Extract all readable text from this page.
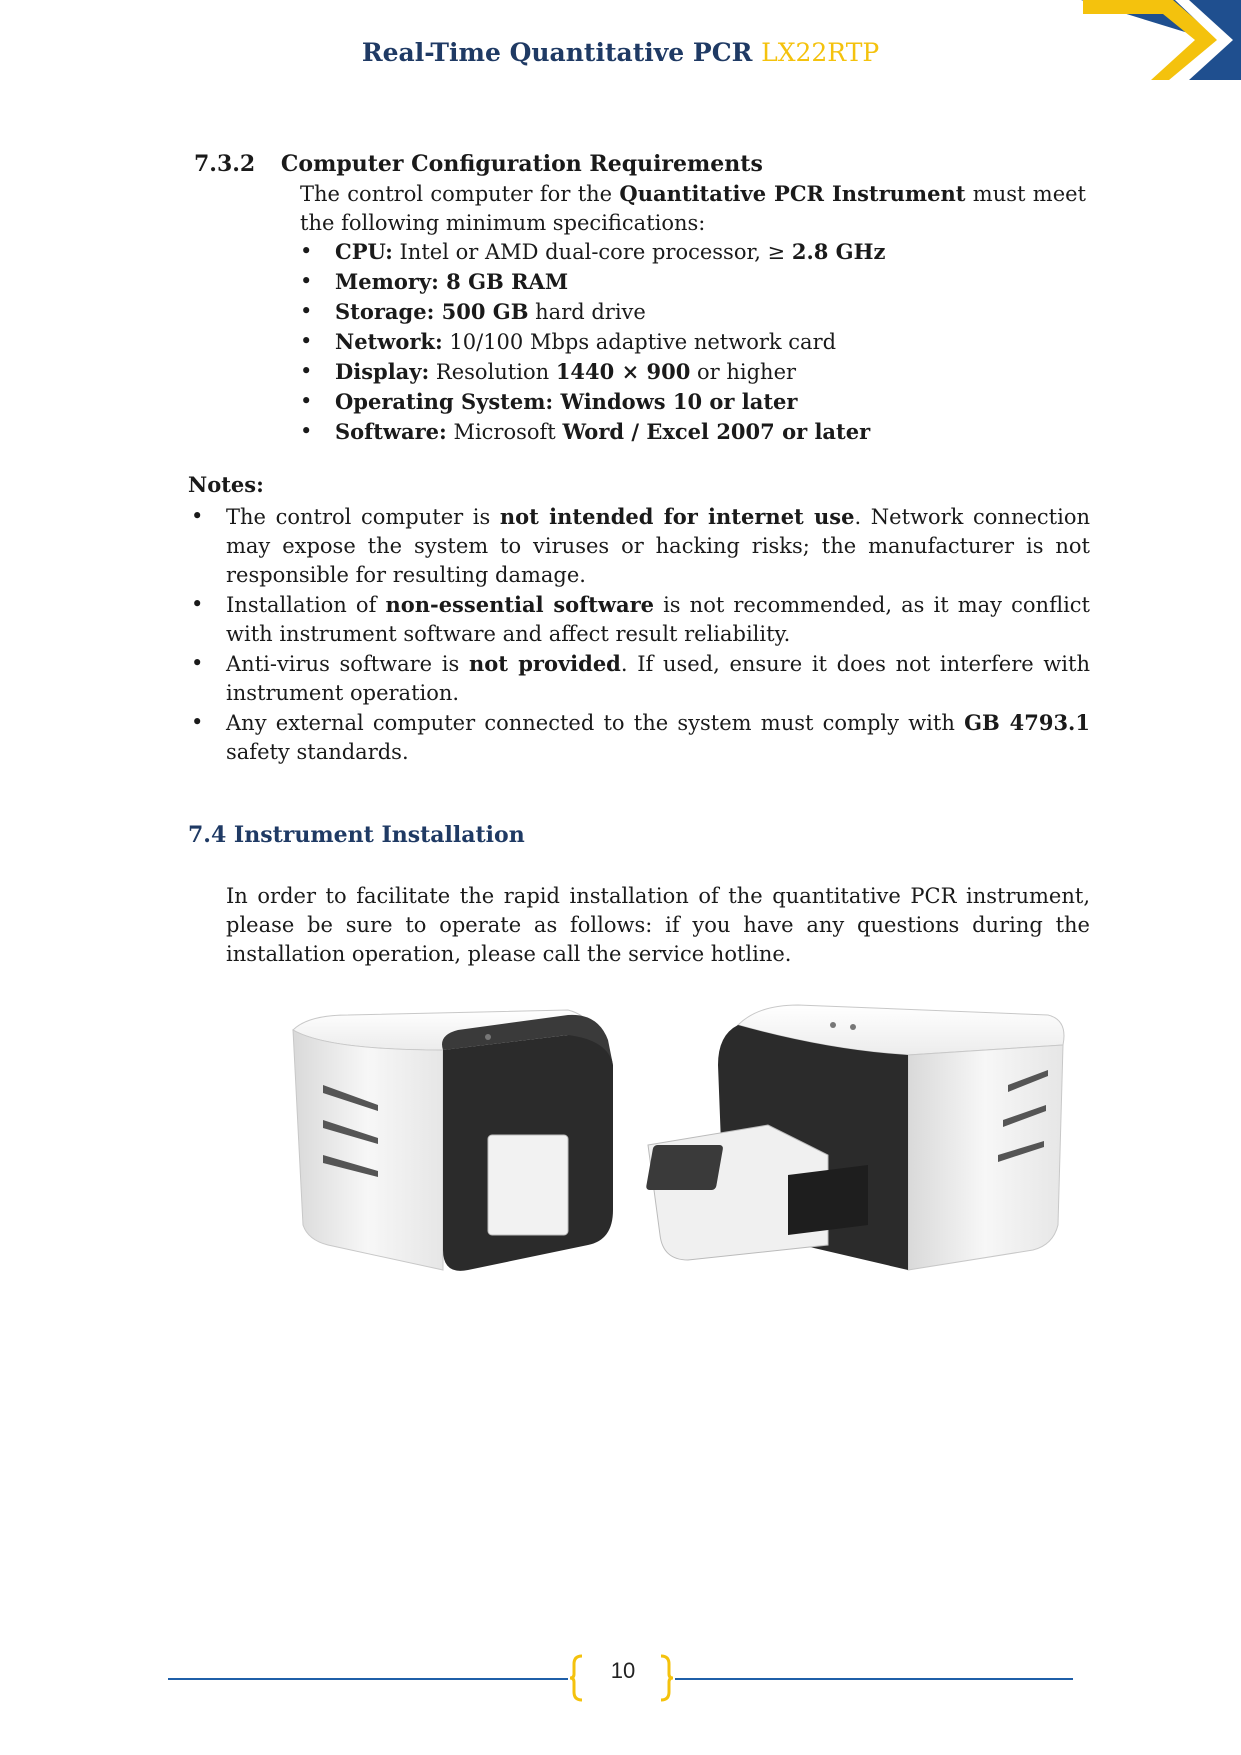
Real-Time Quantitative PCR LX22RTP
7.3.2 Computer Configuration Requirements
The control computer for the Quantitative PCR Instrument must meet the following minimum specifications:
• CPU: Intel or AMD dual-core processor, ≥ 2.8 GHz
• Memory: 8 GB RAM
• Storage: 500 GB hard drive
• Network: 10/100 Mbps adaptive network card
• Display: Resolution 1440 × 900 or higher
• Operating System: Windows 10 or later
• Software: Microsoft Word / Excel 2007 or later
Notes:
• The control computer is not intended for internet use. Network connection may expose the system to viruses or hacking risks; the manufacturer is not responsible for resulting damage.
• Installation of non-essential software is not recommended, as it may conflict with instrument software and affect result reliability.
• Anti-virus software is not provided. If used, ensure it does not interfere with instrument operation.
• Any external computer connected to the system must comply with GB 4793.1 safety standards.
7.4 Instrument Installation
In order to facilitate the rapid installation of the quantitative PCR instrument, please be sure to operate as follows: if you have any questions during the installation operation, please call the service hotline.
10
